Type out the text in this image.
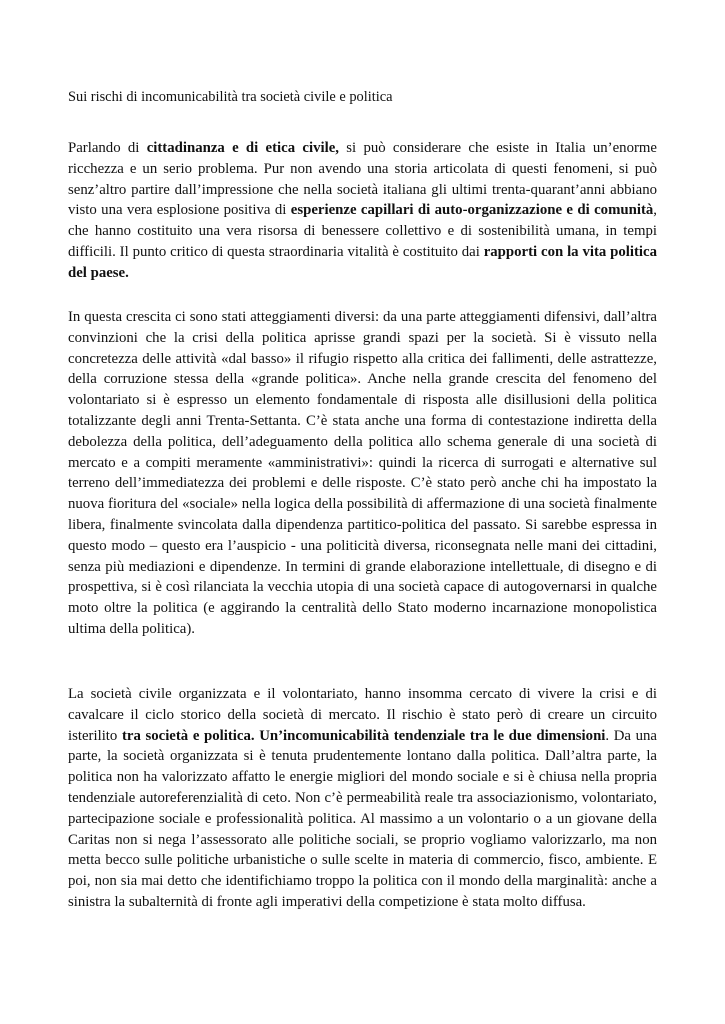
Sui rischi di incomunicabilità tra società civile e politica

Parlando di cittadinanza e di etica civile, si può considerare che esiste in Italia un’enorme ricchezza e un serio problema. Pur non avendo una storia articolata di questi fenomeni, si può senz’altro partire dall’impressione che nella società italiana gli ultimi trenta-quarant’anni abbiano visto una vera esplosione positiva di esperienze capillari di auto-organizzazione e di comunità, che hanno costituito una vera risorsa di benessere collettivo e di sostenibilità umana, in tempi difficili. Il punto critico di questa straordinaria vitalità è costituito dai rapporti con la vita politica del paese.

In questa crescita ci sono stati atteggiamenti diversi: da una parte atteggiamenti difensivi, dall’altra convinzioni che la crisi della politica aprisse grandi spazi per la società. Si è vissuto nella concretezza delle attività «dal basso» il rifugio rispetto alla critica dei fallimenti, delle astrattezze, della corruzione stessa della «grande politica». Anche nella grande crescita del fenomeno del volontariato si è espresso un elemento fondamentale di risposta alle disillusioni della politica totalizzante degli anni Trenta-Settanta. C’è stata anche una forma di contestazione indiretta della debolezza della politica, dell’adeguamento della politica allo schema generale di una società di mercato e a compiti meramente «amministrativi»: quindi la ricerca di surrogati e alternative sul terreno dell’immediatezza dei problemi e delle risposte. C’è stato però anche chi ha impostato la nuova fioritura del «sociale» nella logica della possibilità di affermazione di una società finalmente libera, finalmente svincolata dalla dipendenza partitico-politica del passato. Si sarebbe espressa in questo modo – questo era l’auspicio - una politicità diversa, riconsegnata nelle mani dei cittadini, senza più mediazioni e dipendenze. In termini di grande elaborazione intellettuale, di disegno e di prospettiva, si è così rilanciata la vecchia utopia di una società capace di autogovernarsi in qualche moto oltre la politica (e aggirando la centralità dello Stato moderno incarnazione monopolistica ultima della politica).

La società civile organizzata e il volontariato, hanno insomma cercato di vivere la crisi e di cavalcare il ciclo storico della società di mercato. Il rischio è stato però di creare un circuito isterilito tra società e politica. Un’incomunicabilità tendenziale tra le due dimensioni. Da una parte, la società organizzata si è tenuta prudentemente lontano dalla politica. Dall’altra parte, la politica non ha valorizzato affatto le energie migliori del mondo sociale e si è chiusa nella propria tendenziale autoreferenzialità di ceto. Non c’è permeabilità reale tra associazionismo, volontariato, partecipazione sociale e professionalità politica. Al massimo a un volontario o a un giovane della Caritas non si nega l’assessorato alle politiche sociali, se proprio vogliamo valorizzarlo, ma non metta becco sulle politiche urbanistiche o sulle scelte in materia di commercio, fisco, ambiente. E poi, non sia mai detto che identifichiamo troppo la politica con il mondo della marginalità: anche a sinistra la subalternità di fronte agli imperativi della competizione è stata molto diffusa.
